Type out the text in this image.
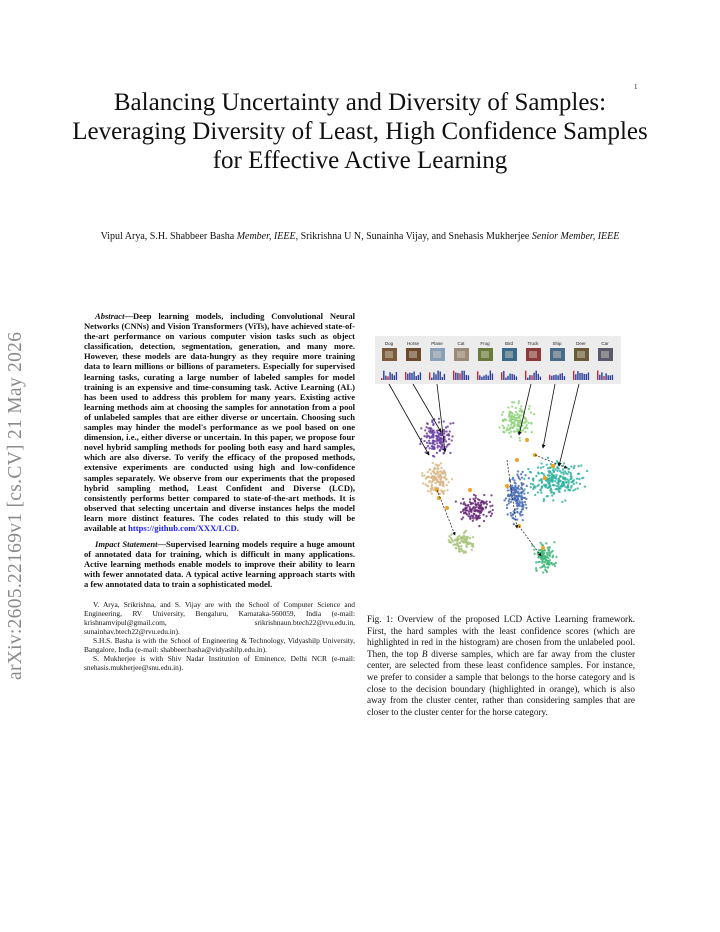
1
arXiv:2605.22169v1 [cs.CV] 21 May 2026
Balancing Uncertainty and Diversity of Samples: Leveraging Diversity of Least, High Confidence Samples for Effective Active Learning
Vipul Arya, S.H. Shabbeer Basha Member, IEEE, Srikrishna U N, Sunainha Vijay, and Snehasis Mukherjee Senior Member, IEEE

Abstract—Deep learning models, including Convolutional Neural Networks (CNNs) and Vision Transformers (ViTs), have achieved state-of-the-art performance on various computer vision tasks such as object classification, detection, segmentation, generation, and many more. However, these models are data-hungry as they require more training data to learn millions or billions of parameters. Especially for supervised learning tasks, curating a large number of labeled samples for model training is an expensive and time-consuming task. Active Learning (AL) has been used to address this problem for many years. Existing active learning methods aim at choosing the samples for annotation from a pool of unlabeled samples that are either diverse or uncertain. Choosing such samples may hinder the model's performance as we pool based on one dimension, i.e., either diverse or uncertain. In this paper, we propose four novel hybrid sampling methods for pooling both easy and hard samples, which are also diverse. To verify the efficacy of the proposed methods, extensive experiments are conducted using high and low-confidence samples separately. We observe from our experiments that the proposed hybrid sampling method, Least Confident and Diverse (LCD), consistently performs better compared to state-of-the-art methods. It is observed that selecting uncertain and diverse instances helps the model learn more distinct features. The codes related to this study will be available at https://github.com/XXX/LCD.

Impact Statement—Supervised learning models require a huge amount of annotated data for training, which is difficult in many applications. Active learning methods enable models to improve their ability to learn with fewer annotated data. A typical active learning approach starts with a few annotated data to train a sophisticated model.

V. Arya, Srikrishna, and S. Vijay are with the School of Computer Science and Engineering, RV University, Bengaluru, Karnataka-560059, India (e-mail: krishnamvipul@gmail.com, srikrishnaun.btech22@rvu.edu.in, sunainhav.btech22@rvu.edu.in).

S.H.S. Basha is with the School of Engineering & Technology, Vidyashilp University, Bangalore, India (e-mail: shabbeer.basha@vidyashilp.edu.in).

S. Mukherjee is with Shiv Nadar Institution of Eminence, Delhi NCR (e-mail: snehasis.mukherjee@snu.edu.in).

Dog	Horse	Plane	Cat	Frog	Bird	Truck	Ship	Deer	Car
Fig. 1: Overview of the proposed LCD Active Learning framework. First, the hard samples with the least confidence scores (which are highlighted in red in the histogram) are chosen from the unlabeled pool. Then, the top B diverse samples, which are far away from the cluster center, are selected from these least confidence samples. For instance, we prefer to consider a sample that belongs to the horse category and is close to the decision boundary (highlighted in orange), which is also away from the cluster center, rather than considering samples that are closer to the cluster center for the horse category.
